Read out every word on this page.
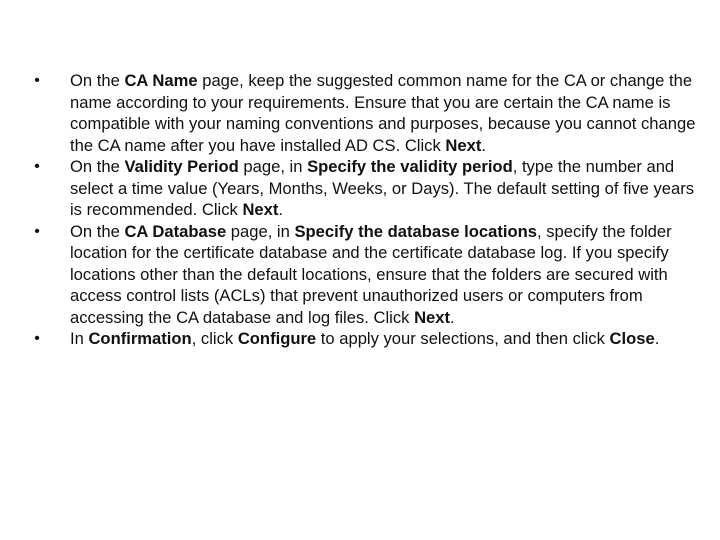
• On the CA Name page, keep the suggested common name for the CA or change the name according to your requirements. Ensure that you are certain the CA name is compatible with your naming conventions and purposes, because you cannot change the CA name after you have installed AD CS. Click Next.
• On the Validity Period page, in Specify the validity period, type the number and select a time value (Years, Months, Weeks, or Days). The default setting of five years is recommended. Click Next.
• On the CA Database page, in Specify the database locations, specify the folder location for the certificate database and the certificate database log. If you specify locations other than the default locations, ensure that the folders are secured with access control lists (ACLs) that prevent unauthorized users or computers from accessing the CA database and log files. Click Next.
• In Confirmation, click Configure to apply your selections, and then click Close.
